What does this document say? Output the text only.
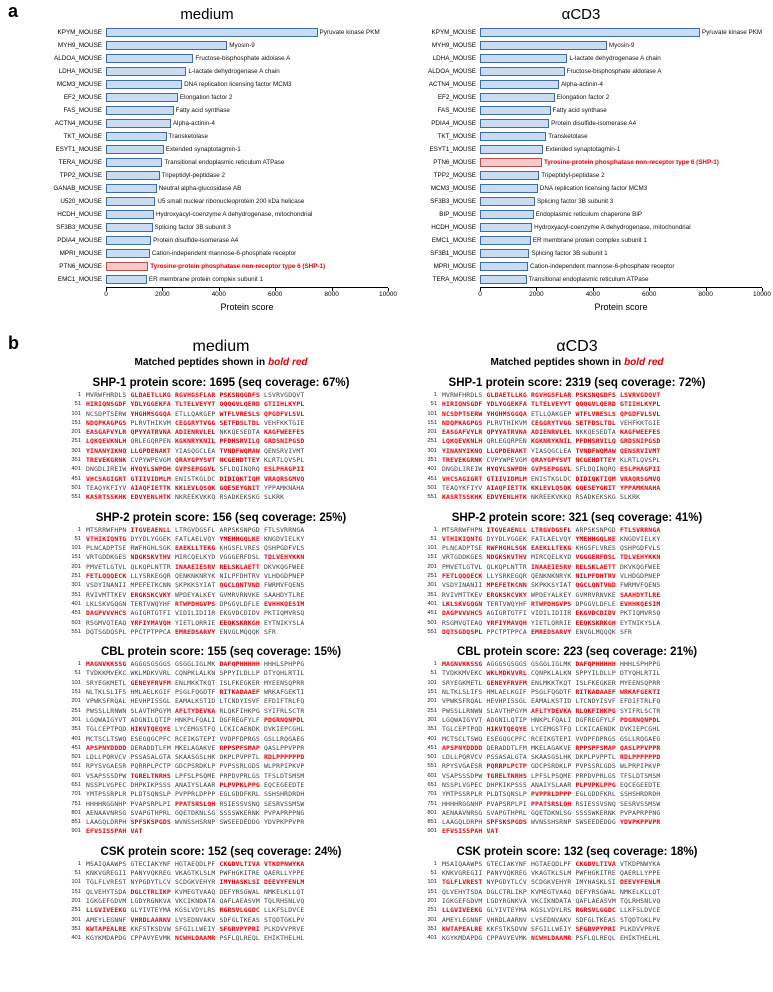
a	medium
KPYM_MOUSE	Pyruvate kinase PKM
MYH9_MOUSE	Myosin-9
ALDOA_MOUSE	Fructose-bisphosphate aldolase A
LDHA_MOUSE	L-lactate dehydrogenase A chain
MCM3_MOUSE	DNA replication licensing factor MCM3
EF2_MOUSE	Elongation factor 2
FAS_MOUSE	Fatty acid synthase
ACTN4_MOUSE	Alpha-actinin-4
TKT_MOUSE	Transketolase
ESYT1_MOUSE	Extended synaptotagmin-1
TERA_MOUSE	Transitional endoplasmic reticulum ATPase
TPP2_MOUSE	Tripeptidyl-peptidase 2
GANAB_MOUSE	Neutral alpha-glucosidase AB
U520_MOUSE	U5 small nuclear ribonucleoprotein 200 kDa helicase
HCDH_MOUSE	Hydroxyacyl-coenzyme A dehydrogenase, mitochondrial
SF3B3_MOUSE	Splicing factor 3B subunit 3
PDIA4_MOUSE	Protein disulfide-isomerase A4
MPRI_MOUSE	Cation-independent mannose-6-phosphate receptor
PTN6_MOUSE	Tyrosine-protein phosphatase non-receptor type 6 (SHP-1)
EMC1_MOUSE	ER membrane protein complex subunit 1
0	2000	4000	6000	8000	10000
Protein score
αCD3
KPYM_MOUSE	Pyruvate kinase PKM
MYH9_MOUSE	Myosin-9
LDHA_MOUSE	L-lactate dehydrogenase A chain
ALDOA_MOUSE	Fructose-bisphosphate aldolase A
ACTN4_MOUSE	Alpha-actinin-4
EF2_MOUSE	Elongation factor 2
FAS_MOUSE	Fatty acid synthase
PDIA4_MOUSE	Protein disulfide-isomerase A4
TKT_MOUSE	Transketolase
ESYT1_MOUSE	Extended synaptotagmin-1
PTN6_MOUSE	Tyrosine-protein phosphatase non-receptor type 6 (SHP-1)
TPP2_MOUSE	Tripeptidyl-peptidase 2
MCM3_MOUSE	DNA replication licensing factor MCM3
SF3B3_MOUSE	Splicing factor 3B subunit 3
BIP_MOUSE	Endoplasmic reticulum chaperone BiP
HCDH_MOUSE	Hydroxyacyl-coenzyme A dehydrogenase, mitochondrial
EMC1_MOUSE	ER membrane protein complex subunit 1
SF3B1_MOUSE	Splicing factor 3B subunit 1
MPRI_MOUSE	Cation-independent mannose-6-phosphate receptor
TERA_MOUSE	Transitional endoplasmic reticulum ATPase
0	2000	4000	6000	8000	10000
Protein score
b	medium
Matched peptides shown in bold red
SHP-1 protein score: 1695 (seq coverage: 67%)
1 MVRWFHRDLS GLDAETLLKG RGVHGSFLAR PSKSNQGDFS LSVRVGDQVT
51 HIRIQNSGDF YDLYGGEKFA TLTELVEYYT QQQGVLQERD GTIIHLKYPL
101 NCSDPTSERW YHGHMSGGQA ETLLQAKGEP WTFLVRESLS QPGDFVLSVL
151 NDQPKAGPGS PLRVTHIKVM CEGGRYTVGG SETFDSLTDL VEHFKKTGIE
201 EASGAFVYLR QPYYATRVNA ADIENRVLEL NKKQESEDTA KAGFWEEFES
251 LQKQEVKNLH QRLEGQRPEN KGKNRYKNIL PFDHSRVILQ GRDSNIPGSD
301 YINANYIKNQ LLGPDENAKT YIASQGCLEA TVNDFWQMAW QENSRVIVMT
351 TREVEKGRNK CVPYWPEVGM QRAYGPYSVT NCGEHDTTEY KLRTLQVSPL
401 DNGDLIREIW HYQYLSWPDH GVPSEPGGVL SFLDQINQRQ ESLPHAGPII
451 VHCSAGIGRT GTIIVIDMLM ENISTKGLDC DIDIQKTIQM VRAQRSGMVQ
501 TEAQYKFIYV AIAQFIETTK KKLEVLQSQK GQESEYGNIT YPPAMKNAHA
551 KASRTSSKHK EDVYENLHTK NKREEKVKKQ RSADKEKSKG SLKRK
SHP-2 protein score: 156 (seq coverage: 25%)
1 MTSRRWFHPN ITGVEAENLL LTRGVDGSFL ARPSKSNPGD FTLSVRRNGA
51 VTHIKIQNTG DYYDLYGGEK FATLAELVQY YMEHHGQLKE KNGDVIELKY
101 PLNCADPTSE RWFHGHLSGK EAEKLLTEKG KHGSFLVRES QSHPGDFVLS
151 VRTGDDKGES NDGKSKVTHV MIRCQELKYD VGGGERFDSL TDLVEHYKKN
201 PMVETLGTVL QLKQPLNTTR INAAEIESRV RELSKLAETT DKVKQGFWEE
251 FETLQQQECK LLYSRKEGQR QENKNKNRYK NILPFDHTRV VLHDGDPNEP
301 VSDYINANII MPEFETKCNN SKPKKSYIAT QGCLQNTVND FWRMVFQENS
351 RVIVMTTKEV ERGKSKCVKY WPDEYALKEY GVMRVRNVKE SAAHDYTLRE
401 LKLSKVGQGN TERTVWQYHF RTWPDHGVPS DPGGVLDFLE EVHHKQESIM
451 DAGPVVVHCS AGIGRTGTFI VIDILIDIIR EKGVDCDIDV PKTIQMVRSQ
501 RSGMVQTEAQ YRFIYMAVQH YIETLQRRIE EEQKSKRKGH EYTNIKYSLA
551 DQTSGDQSPL PPCTPTPPCA EMREDSARVY ENVGLMQQQK SFR
CBL protein score: 155 (seq coverage: 15%)
1 MAGNVKKSSG AGGGSGSGGS GSGGLIGLMK DAFQPHHHHH HHHLSPHPPG
51 TVDKKMVEKC WKLMDKVVRL CQNPKLALKN SPPYILDLLP DTYQHLRTIL
101 SRYEGKMETL GENEYFRVFM ENLMKKTKQT ISLFKEGKER MYEENSQPRR
151 NLTKLSLIFS HMLAELKGIF PSGLFQGDTF RITKADAAEF WRKAFGEKTI
201 VPWKSFRQAL HEVHPISSGL EAMALKSTID LTCNDYISVF EFDIFTRLFQ
251 PWSSLLRNWN SLAVTHPGYM AFLTYDEVKA RLQKFIHKPG SYIFRLSCTR
301 LGQWAIGYVT ADGNILQTIP HNKPLFQALI DGFREGFYLF PDGRNQNPDL
351 TGLCEPTPQD HIKVTQEQYE LYCEMGSTFQ LCKICAENDK DVKIEPCGHL
401 MCTSCLTSWQ ESEGQGCPFC RCEIKGTEPI VVDPFDPRGS GSLLRQGAEG
451 APSPNYDDDD DERADDTLFM MKELAGAKVE RPPSPFSMAP QASLPPVPPR
501 LDLLPQRVCV PSSASALGTA SKAASGSLHK DKPLPVPPTL RDLPPPPPPD
551 RPYSVGAESR PQRRPLPCTP GDCPSRDKLP PVPSSRLGDS WLPRPIPKVP
601 VSAPSSSDPW TGRELTNRHS LPFSLPSQME PRPDVPRLGS TFSLDTSMSM
651 NSSPLVGPEC DHPKIKPSSS ANAIYSLAAR PLPVPKLPPG EQCEGEEDTE
701 YMTPSSRPLR PLDTSQNSLP PVPPRLDPPP EGLGDDFKRL SSHSHRDRDH
751 HHHHRGGNHP PVAPSRPLPI PPATSRSLQH RSIESSVSNQ SESRVSSMSW
801 AENAAVNRSG SVAPGTHPRL GQETDKNLSG SSSSWKERNK PVPAPRPPNG
851 LAAGQLDRPH SPFSKSPGDS WVNSSHSRNP SWSEEDEDDG YDVPKPPVPR
901 EFVSISSPAH VAT
CSK protein score: 152 (seq coverage: 24%)
1 MSAIQAAWPS GTECIAKYNF HGTAEQDLPF CKGDVLTIVA VTKDPNWYKA
51 KNKVGREGII PANYVQKREG VKAGTKLSLM PWFHGKITRE QAERLLYPPE
101 TGLFLVREST NYPGDYTLCV SCDGKVEHYR IMYHASKLSI DEEVYFENLM
151 QLVEHYTSDA DGLCTRLIKP KVMEGTVAAQ DEFYRSGWAL NMKELKLLQT
201 IGKGEFGDVM LGDYRGNKVA VKCIKNDATA QAFLAEASVM TQLRHSNLVQ
251 LLGVIVEEKG GLYIVTEYMA KGSLVDYLRS RGRSVLGGDC LLKFSLDVCE
301 AMEYLEGNNF VHRDLAARNV LVSEDNVAKV SDFGLTKEAS STQDTGKLPV
351 KWTAPEALRE KKFSTKSDVW SFGILLWEIY SFGRVPYPRI PLKDVVPRVE
401 KGYKMDAPDG CPPAVYEVMK NCWHLDAAMR PSFLQLREQL EHIKTHELHL
αCD3
Matched peptides shown in bold red
SHP-1 protein score: 2319 (seq coverage: 72%)
1 MVRWFHRDLS GLDAETLLKG RGVHGSFLAR PSKSNQGDFS LSVRVGDQVT
51 HIRIQNSGDF YDLYGGEKFA TLTELVEYYT QQQGVLQERD GTIIHLKYPL
101 NCSDPTSERW YHGHMSGGQA ETLLQAKGEP WTFLVRESLS QPGDFVLSVL
151 NDQPKAGPGS PLRVTHIKVM CEGGRYTVGG SETFDSLTDL VEHFKKTGIE
201 EASGAFVYLR QPYYATRVNA ADIENRVLEL NKKQESEDTA KAGFWEEFES
251 LQKQEVKNLH QRLEGQRPEN KGKNRYKNIL PFDHSRVILQ GRDSNIPGSD
301 YINANYIKNQ LLGPDENAKT YIASQGCLEA TVNDFWQMAW QENSRVIVMT
351 TREVEKGRNK CVPYWPEVGM QRAYGPYSVT NCGEHDTTEY KLRTLQVSPL
401 DNGDLIREIW HYQYLSWPDH GVPSEPGGVL SFLDQINQRQ ESLPHAGPII
451 VHCSAGIGRT GTIIVIDMLM ENISTKGLDC DIDIQKTIQM VRAQRSGMVQ
501 TEAQYKFIYV AIAQFIETTK KKLEVLQSQK GQESEYGNIT YPPAMKNAHA
551 KASRTSSKHK EDVYENLHTK NKREEKVKKQ RSADKEKSKG SLKRK
SHP-2 protein score: 321 (seq coverage: 41%)
1 MTSRRWFHPN ITGVEAENLL LTRGVDGSFL ARPSKSNPGD FTLSVRRNGA
51 VTHIKIQNTG DYYDLYGGEK FATLAELVQY YMEHHGQLKE KNGDVIELKY
101 PLNCADPTSE RWFHGHLSGK EAEKLLTEKG KHGSFLVRES QSHPGDFVLS
151 VRTGDDKGES NDGKSKVTHV MIRCQELKYD VGGGERFDSL TDLVEHYKKN
201 PMVETLGTVL QLKQPLNTTR INAAEIESRV RELSKLAETT DKVKQGFWEE
251 FETLQQQECK LLYSRKEGQR QENKNKNRYK NILPFDHTRV VLHDGDPNEP
301 VSDYINANII MPEFETKCNN SKPKKSYIAT QGCLQNTVND FWRMVFQENS
351 RVIVMTTKEV ERGKSKCVKY WPDEYALKEY GVMRVRNVKE SAAHDYTLRE
401 LKLSKVGQGN TERTVWQYHF RTWPDHGVPS DPGGVLDFLE EVHHKQESIM
451 DAGPVVVHCS AGIGRTGTFI VIDILIDIIR EKGVDCDIDV PKTIQMVRSQ
501 RSGMVQTEAQ YRFIYMAVQH YIETLQRRIE EEQKSKRKGH EYTNIKYSLA
551 DQTSGDQSPL PPCTPTPPCA EMREDSARVY ENVGLMQQQK SFR
CBL protein score: 223 (seq coverage: 21%)
1 MAGNVKKSSG AGGGSGSGGS GSGGLIGLMK DAFQPHHHHH HHHLSPHPPG
51 TVDKKMVEKC WKLMDKVVRL CQNPKLALKN SPPYILDLLP DTYQHLRTIL
101 SRYEGKMETL GENEYFRVFM ENLMKKTKQT ISLFKEGKER MYEENSQPRR
151 NLTKLSLIFS HMLAELKGIF PSGLFQGDTF RITKADAAEF WRKAFGEKTI
201 VPWKSFRQAL HEVHPISSGL EAMALKSTID LTCNDYISVF EFDIFTRLFQ
251 PWSSLLRNWN SLAVTHPGYM AFLTYDEVKA RLQKFIHKPG SYIFRLSCTR
301 LGQWAIGYVT ADGNILQTIP HNKPLFQALI DGFREGFYLF PDGRNQNPDL
351 TGLCEPTPQD HIKVTQEQYE LYCEMGSTFQ LCKICAENDK DVKIEPCGHL
401 MCTSCLTSWQ ESEGQGCPFC RCEIKGTEPI VVDPFDPRGS GSLLRQGAEG
451 APSPNYDDDD DERADDTLFM MKELAGAKVE RPPSPFSMAP QASLPPVPPR
501 LDLLPQRVCV PSSASALGTA SKAASGSLHK DKPLPVPPTL RDLPPPPPPD
551 RPYSVGAESR PQRRPLPCTP GDCPSRDKLP PVPSSRLGDS WLPRPIPKVP
601 VSAPSSSDPW TGRELTNRHS LPFSLPSQME PRPDVPRLGS TFSLDTSMSM
651 NSSPLVGPEC DHPKIKPSSS ANAIYSLAAR PLPVPKLPPG EQCEGEEDTE
701 YMTPSSRPLR PLDTSQNSLP PVPPRLDPPP EGLGDDFKRL SSHSHRDRDH
751 HHHHRGGNHP PVAPSRPLPI PPATSRSLQH RSIESSVSNQ SESRVSSMSW
801 AENAAVNRSG SVAPGTHPRL GQETDKNLSG SSSSWKERNK PVPAPRPPNG
851 LAAGQLDRPH SPFSKSPGDS WVNSSHSRNP SWSEEDEDDG YDVPKPPVPR
901 EFVSISSPAH VAT
CSK protein score: 132 (seq coverage: 18%)
1 MSAIQAAWPS GTECIAKYNF HGTAEQDLPF CKGDVLTIVA VTKDPNWYKA
51 KNKVGREGII PANYVQKREG VKAGTKLSLM PWFHGKITRE QAERLLYPPE
101 TGLFLVREST NYPGDYTLCV SCDGKVEHYR IMYHASKLSI DEEVYFENLM
151 QLVEHYTSDA DGLCTRLIKP KVMEGTVAAQ DEFYRSGWAL NMKELKLLQT
201 IGKGEFGDVM LGDYRGNKVA VKCIKNDATA QAFLAEASVM TQLRHSNLVQ
251 LLGVIVEEKG GLYIVTEYMA KGSLVDYLRS RGRSVLGGDC LLKFSLDVCE
301 AMEYLEGNNF VHRDLAARNV LVSEDNVAKV SDFGLTKEAS STQDTGKLPV
351 KWTAPEALRE KKFSTKSDVW SFGILLWEIY SFGRVPYPRI PLKDVVPRVE
401 KGYKMDAPDG CPPAVYEVMK NCWHLDAAMR PSFLQLREQL EHIKTHELHL
